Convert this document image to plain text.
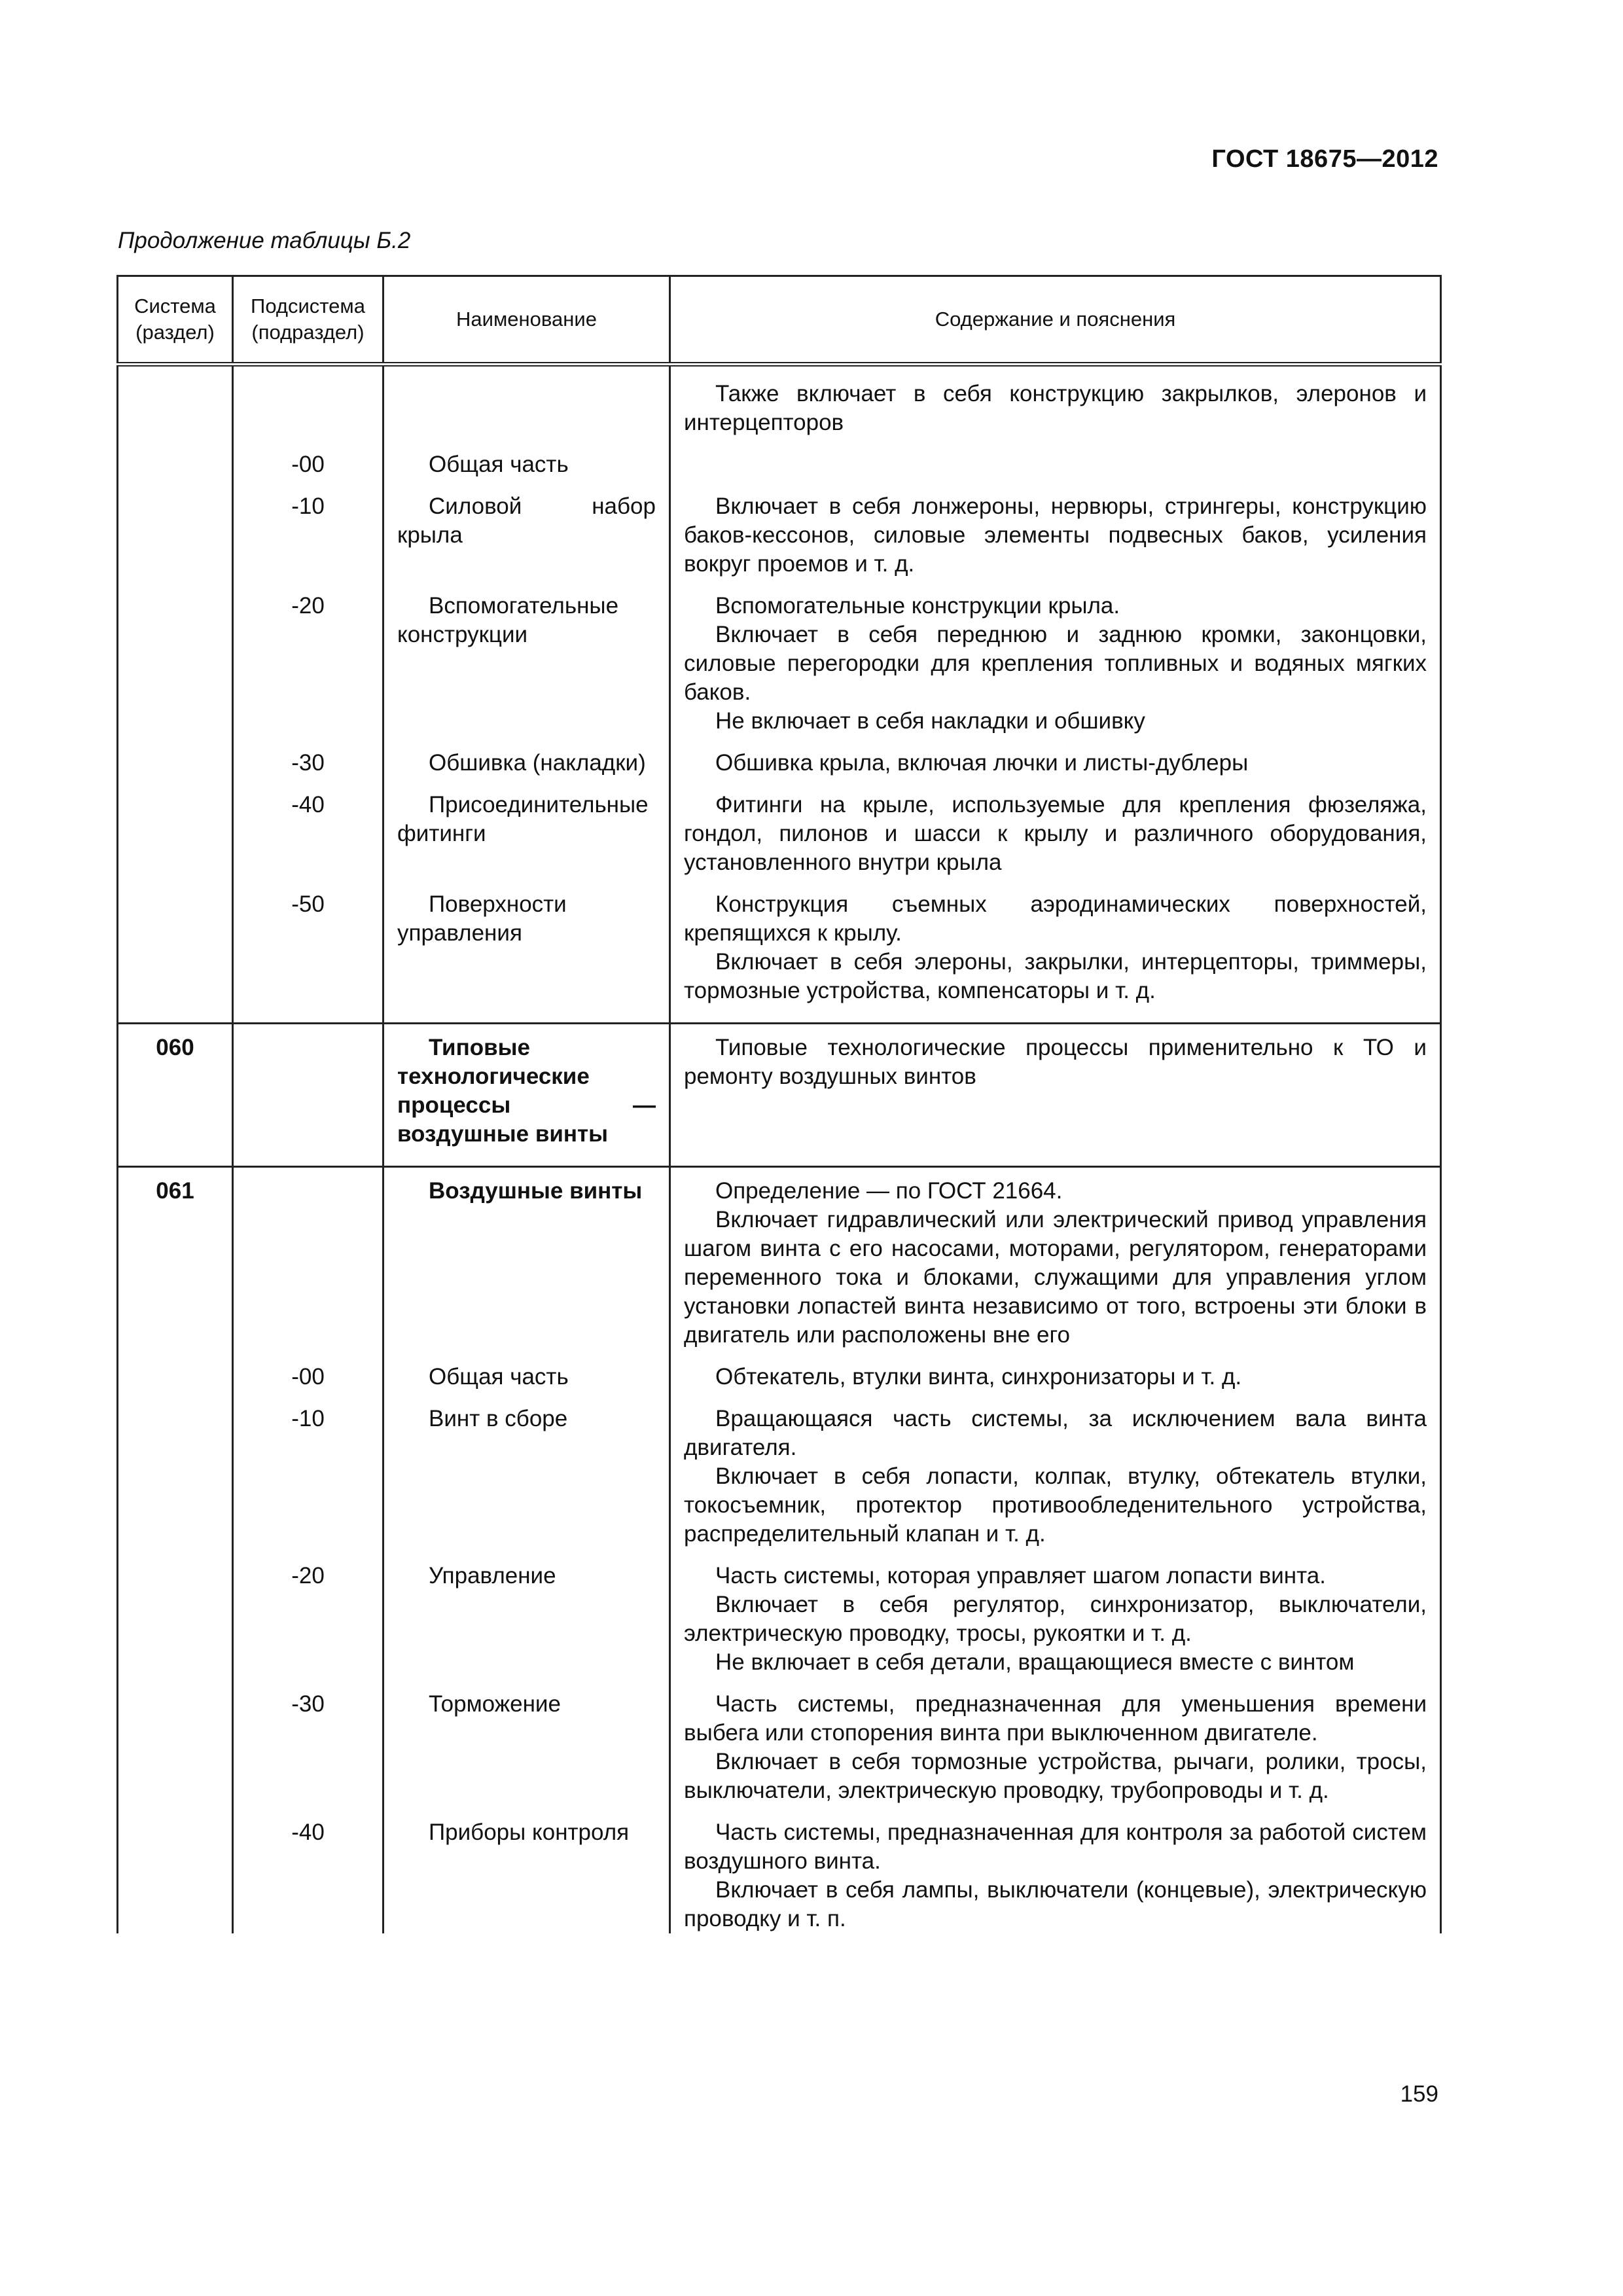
ГОСТ 18675—2012
Продолжение таблицы Б.2
Система (раздел)	Подсистема (подраздел)	Наименование	Содержание и пояснения

			Также включает в себя конструкцию закрылков, элеронов и интерцепторов

	-00	Общая часть	

	-10	Силовой набор крыла	Включает в себя лонжероны, нервюры, стрингеры, конструкцию баков-кессонов, силовые элементы подвесных баков, усиления вокруг проемов и т. д.

	-20	Вспомогательные конструкции	Вспомогательные конструкции крыла.
Включает в себя переднюю и заднюю кромки, законцовки, силовые перегородки для крепления топливных и водяных мягких баков.
Не включает в себя накладки и обшивку

	-30	Обшивка (накладки)	Обшивка крыла, включая лючки и листы-дублеры

	-40	Присоединительные фитинги	Фитинги на крыле, используемые для крепления фюзеляжа, гондол, пилонов и шасси к крылу и различного оборудования, установленного внутри крыла

	-50	Поверхности управления	Конструкция съемных аэродинамических поверхностей, крепящихся к крылу.
Включает в себя элероны, закрылки, интерцепторы, триммеры, тормозные устройства, компенсаторы и т. д.

060		Типовые технологические процессы — воздушные винты	Типовые технологические процессы применительно к ТО и ремонту воздушных винтов

061		Воздушные винты	Определение — по ГОСТ 21664.
Включает гидравлический или электрический привод управления шагом винта с его насосами, моторами, регулятором, генераторами переменного тока и блоками, служащими для управления углом установки лопастей винта независимо от того, встроены эти блоки в двигатель или расположены вне его

	-00	Общая часть	Обтекатель, втулки винта, синхронизаторы и т. д.

	-10	Винт в сборе	Вращающаяся часть системы, за исключением вала винта двигателя.
Включает в себя лопасти, колпак, втулку, обтекатель втулки, токосъемник, протектор противообледенительного устройства, распределительный клапан и т. д.

	-20	Управление	Часть системы, которая управляет шагом лопасти винта.
Включает в себя регулятор, синхронизатор, выключатели, электрическую проводку, тросы, рукоятки и т. д.
Не включает в себя детали, вращающиеся вместе с винтом

	-30	Торможение	Часть системы, предназначенная для уменьшения времени выбега или стопорения винта при выключенном двигателе.
Включает в себя тормозные устройства, рычаги, ролики, тросы, выключатели, электрическую проводку, трубопроводы и т. д.

	-40	Приборы контроля	Часть системы, предназначенная для контроля за работой систем воздушного винта.
Включает в себя лампы, выключатели (концевые), электрическую проводку и т. п.
159
